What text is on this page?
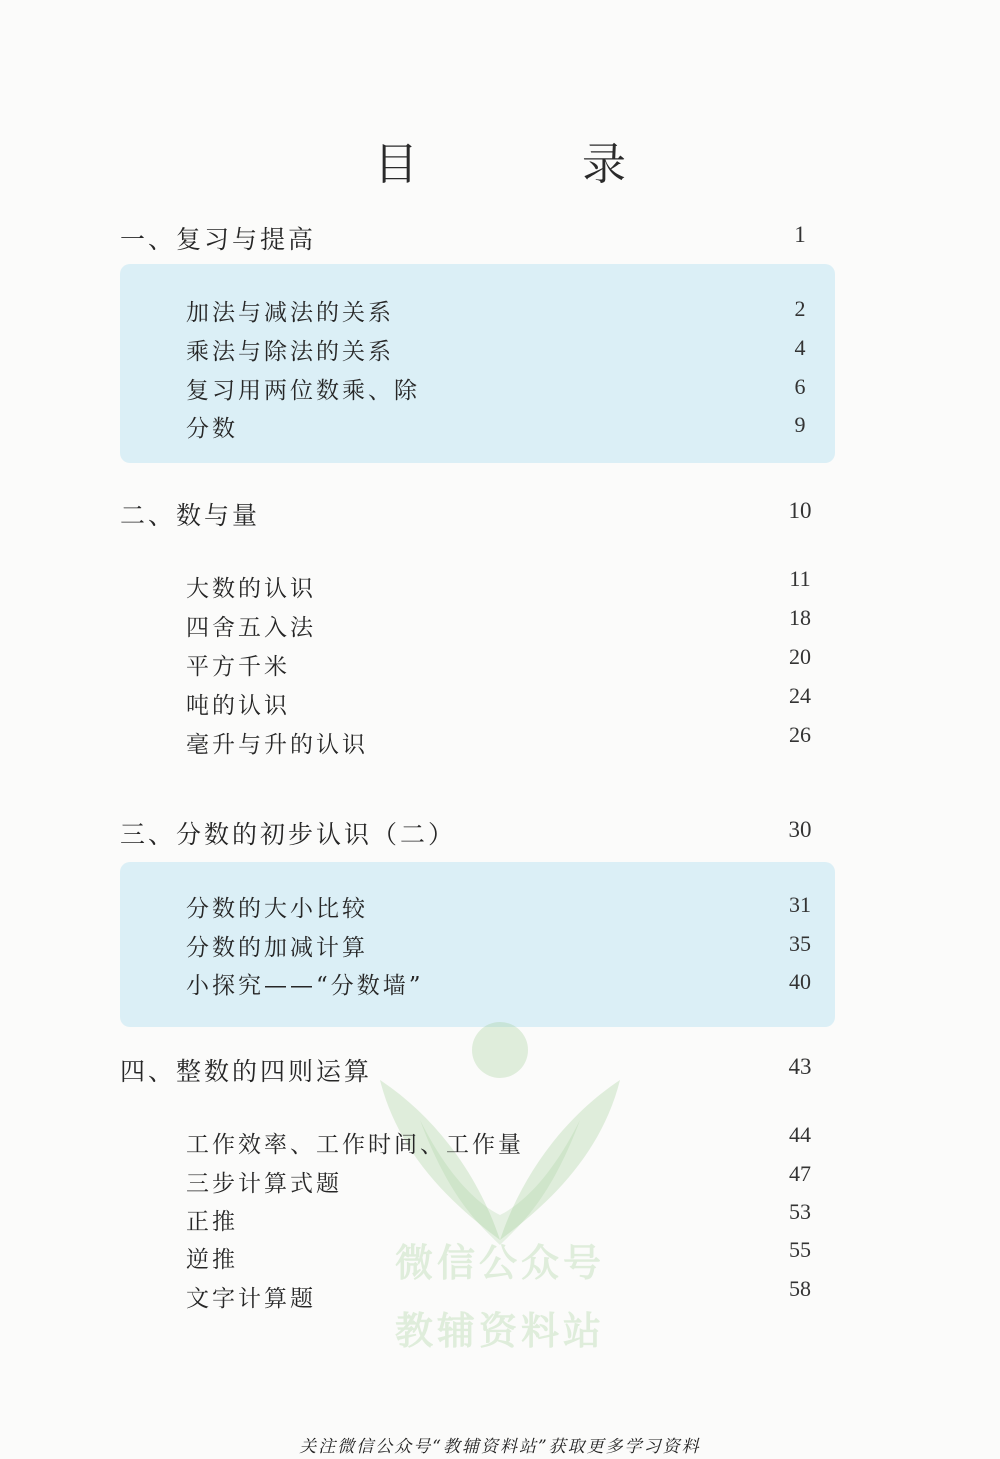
目　录
微信公众号
教辅资料站
一、复习与提高	1
加法与减法的关系	2
乘法与除法的关系	4
复习用两位数乘、除	6
分数	9
二、数与量	10
大数的认识	11
四舍五入法	18
平方千米	20
吨的认识	24
毫升与升的认识	26
三、分数的初步认识（二）	30
分数的大小比较	31
分数的加减计算	35
小探究——“分数墙”	40
四、整数的四则运算	43
工作效率、工作时间、工作量	44
三步计算式题	47
正推	53
逆推	55
文字计算题	58
关注微信公众号“教辅资料站”获取更多学习资料
